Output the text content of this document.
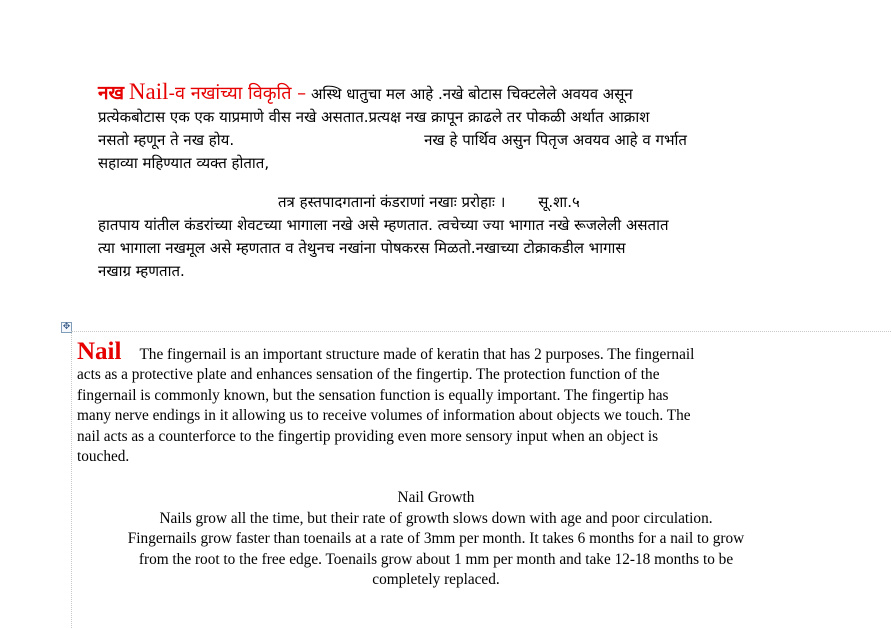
नख Nail-व नखांच्या विकृति – अस्थि धातुचा मल आहे .नखे बोटास चिक्टलेले अवयव असून

प्रत्येकबोटास एक एक याप्रमाणे वीस नखे असतात.प्रत्यक्ष नख क्रापून क्राढले तर पोकळी अर्थात आक्राश

नसतो म्हणून ते नख होय.	नख हे पार्थिव असुन पितृज अवयव आहे व गर्भात

सहाव्या महिण्यात व्यक्त होतात,

तत्र हस्तपादगतानां कंडराणां नखाः प्ररोहाः । सू.शा.५

हातपाय यांतील कंडरांच्या शेवटच्या भागाला नखे असे म्हणतात. त्वचेच्या ज्या भागात नखे रूजलेली असतात

त्या भागाला नखमूल असे म्हणतात व तेथुनच नखांना पोषकरस मिळतो.नखाच्या टोक्राकडील भागास

नखाग्र म्हणतात.

✥

Nail The fingernail is an important structure made of keratin that has 2 purposes. The fingernail

acts as a protective plate and enhances sensation of the fingertip. The protection function of the

fingernail is commonly known, but the sensation function is equally important. The fingertip has

many nerve endings in it allowing us to receive volumes of information about objects we touch. The

nail acts as a counterforce to the fingertip providing even more sensory input when an object is

touched.

Nail Growth

Nails grow all the time, but their rate of growth slows down with age and poor circulation.

Fingernails grow faster than toenails at a rate of 3mm per month. It takes 6 months for a nail to grow

from the root to the free edge. Toenails grow about 1 mm per month and take 12-18 months to be

completely replaced.
